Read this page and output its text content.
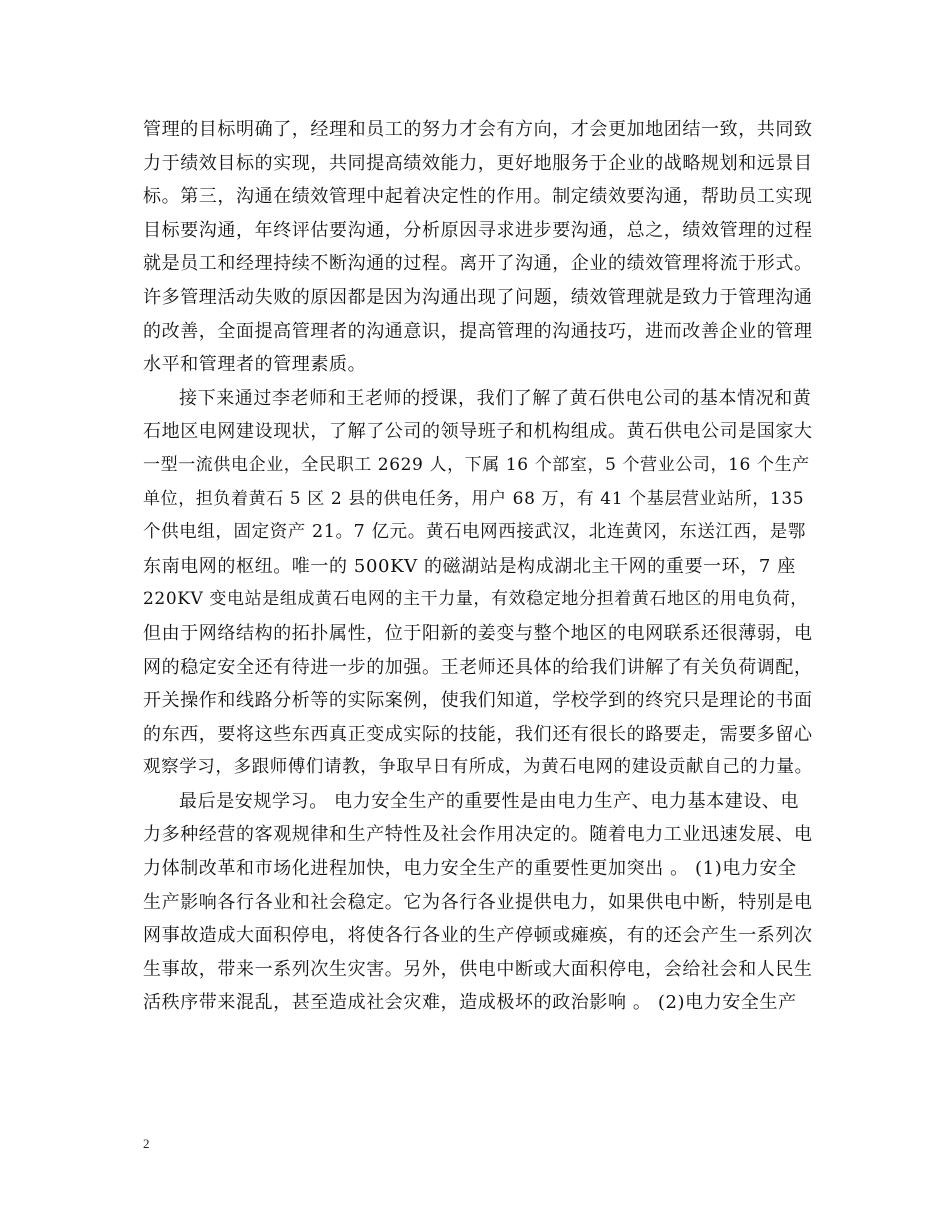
管理的目标明确了，经理和员工的努力才会有方向，才会更加地团结一致，共同致
力于绩效目标的实现，共同提高绩效能力，更好地服务于企业的战略规划和远景目
标。第三，沟通在绩效管理中起着决定性的作用。制定绩效要沟通，帮助员工实现
目标要沟通，年终评估要沟通，分析原因寻求进步要沟通，总之，绩效管理的过程
就是员工和经理持续不断沟通的过程。离开了沟通，企业的绩效管理将流于形式。
许多管理活动失败的原因都是因为沟通出现了问题，绩效管理就是致力于管理沟通
的改善，全面提高管理者的沟通意识，提高管理的沟通技巧，进而改善企业的管理
水平和管理者的管理素质。
接下来通过李老师和王老师的授课，我们了解了黄石供电公司的基本情况和黄
石地区电网建设现状，了解了公司的领导班子和机构组成。黄石供电公司是国家大
一型一流供电企业，全民职工 2629 人，下属 16 个部室，5 个营业公司，16 个生产
单位，担负着黄石 5 区 2 县的供电任务，用户 68 万，有 41 个基层营业站所，135
个供电组，固定资产 21。7 亿元。黄石电网西接武汉，北连黄冈，东送江西，是鄂
东南电网的枢纽。唯一的 500KV 的磁湖站是构成湖北主干网的重要一环，7 座
220KV 变电站是组成黄石电网的主干力量，有效稳定地分担着黄石地区的用电负荷，
但由于网络结构的拓扑属性，位于阳新的姜变与整个地区的电网联系还很薄弱，电
网的稳定安全还有待进一步的加强。王老师还具体的给我们讲解了有关负荷调配，
开关操作和线路分析等的实际案例，使我们知道，学校学到的终究只是理论的书面
的东西，要将这些东西真正变成实际的技能，我们还有很长的路要走，需要多留心
观察学习，多跟师傅们请教，争取早日有所成，为黄石电网的建设贡献自己的力量。
最后是安规学习。 电力安全生产的重要性是由电力生产、电力基本建设、电
力多种经营的客观规律和生产特性及社会作用决定的。随着电力工业迅速发展、电
力体制改革和市场化进程加快，电力安全生产的重要性更加突出 。 (1)电力安全
生产影响各行各业和社会稳定。它为各行各业提供电力，如果供电中断，特别是电
网事故造成大面积停电，将使各行各业的生产停顿或瘫痪，有的还会产生一系列次
生事故，带来一系列次生灾害。另外，供电中断或大面积停电，会给社会和人民生
活秩序带来混乱，甚至造成社会灾难，造成极坏的政治影响 。 (2)电力安全生产
2
